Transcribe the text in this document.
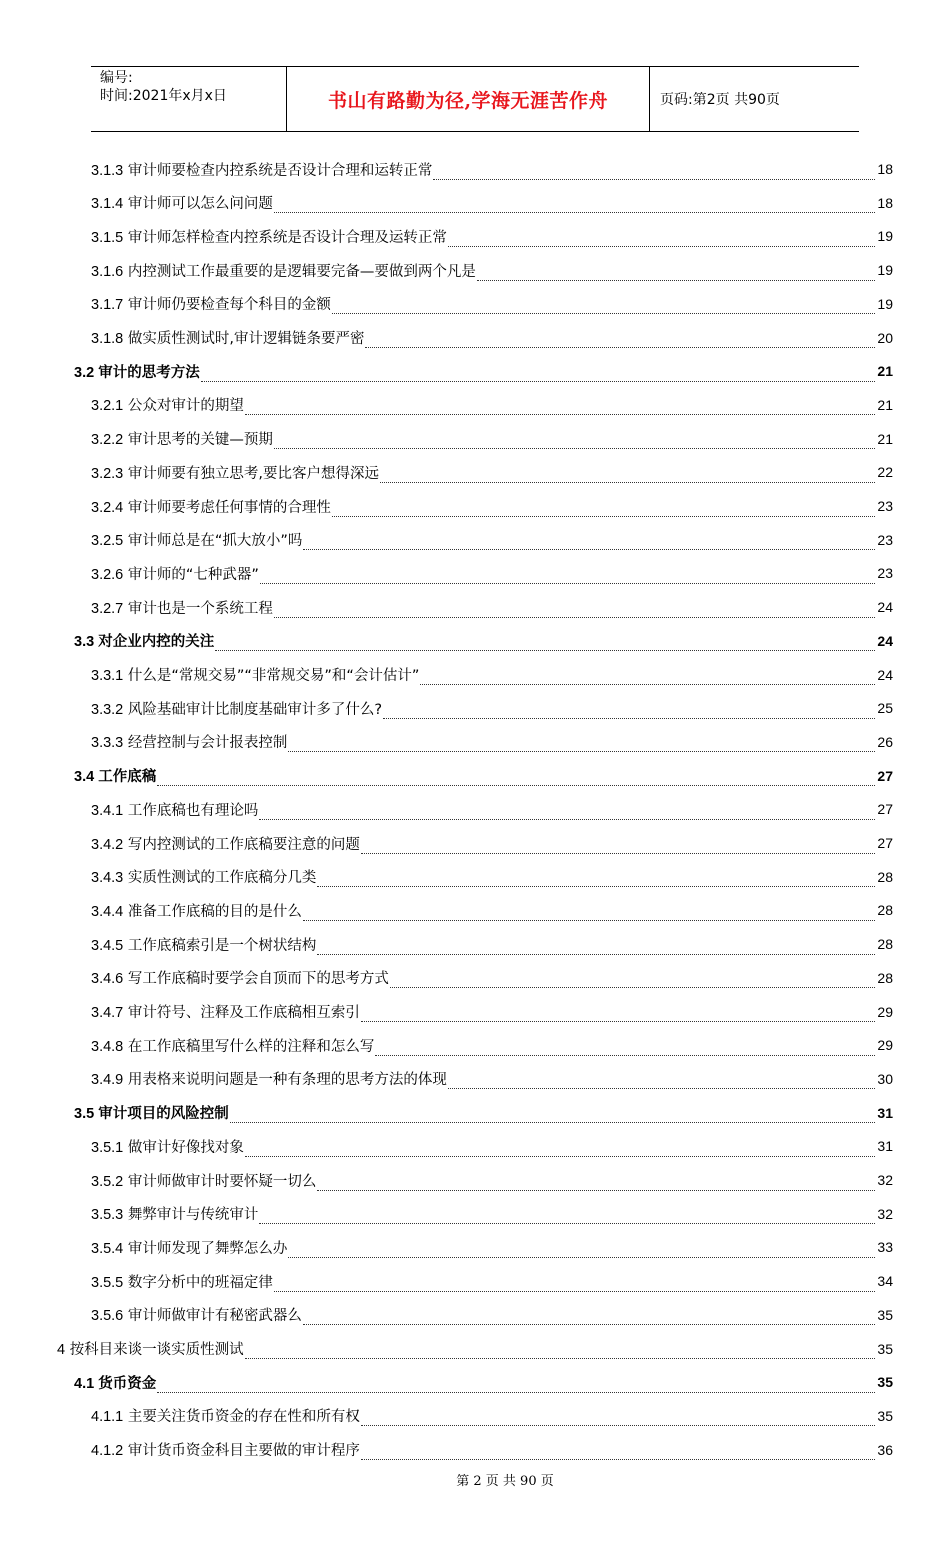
编号:
时间:2021年x月x日	书山有路勤为径,学海无涯苦作舟	页码:第2页 共90页
3.1.3 审计师要检查内控系统是否设计合理和运转正常	18
3.1.4 审计师可以怎么问问题	18
3.1.5 审计师怎样检查内控系统是否设计合理及运转正常	19
3.1.6 内控测试工作最重要的是逻辑要完备—要做到两个凡是	19
3.1.7 审计师仍要检查每个科目的金额	19
3.1.8 做实质性测试时,审计逻辑链条要严密	20
3.2 审计的思考方法	21
3.2.1 公众对审计的期望	21
3.2.2 审计思考的关键—预期	21
3.2.3 审计师要有独立思考,要比客户想得深远	22
3.2.4 审计师要考虑任何事情的合理性	23
3.2.5 审计师总是在“抓大放小”吗	23
3.2.6 审计师的“七种武器”	23
3.2.7 审计也是一个系统工程	24
3.3 对企业内控的关注	24
3.3.1 什么是“常规交易”“非常规交易”和“会计估计”	24
3.3.2 风险基础审计比制度基础审计多了什么?	25
3.3.3 经营控制与会计报表控制	26
3.4 工作底稿	27
3.4.1 工作底稿也有理论吗	27
3.4.2 写内控测试的工作底稿要注意的问题	27
3.4.3 实质性测试的工作底稿分几类	28
3.4.4 准备工作底稿的目的是什么	28
3.4.5 工作底稿索引是一个树状结构	28
3.4.6 写工作底稿时要学会自顶而下的思考方式	28
3.4.7 审计符号、注释及工作底稿相互索引	29
3.4.8 在工作底稿里写什么样的注释和怎么写	29
3.4.9 用表格来说明问题是一种有条理的思考方法的体现	30
3.5 审计项目的风险控制	31
3.5.1 做审计好像找对象	31
3.5.2 审计师做审计时要怀疑一切么	32
3.5.3 舞弊审计与传统审计	32
3.5.4 审计师发现了舞弊怎么办	33
3.5.5 数字分析中的班福定律	34
3.5.6 审计师做审计有秘密武器么	35
4 按科目来谈一谈实质性测试	35
4.1 货币资金	35
4.1.1 主要关注货币资金的存在性和所有权	35
4.1.2 审计货币资金科目主要做的审计程序	36
第 2 页 共 90 页
